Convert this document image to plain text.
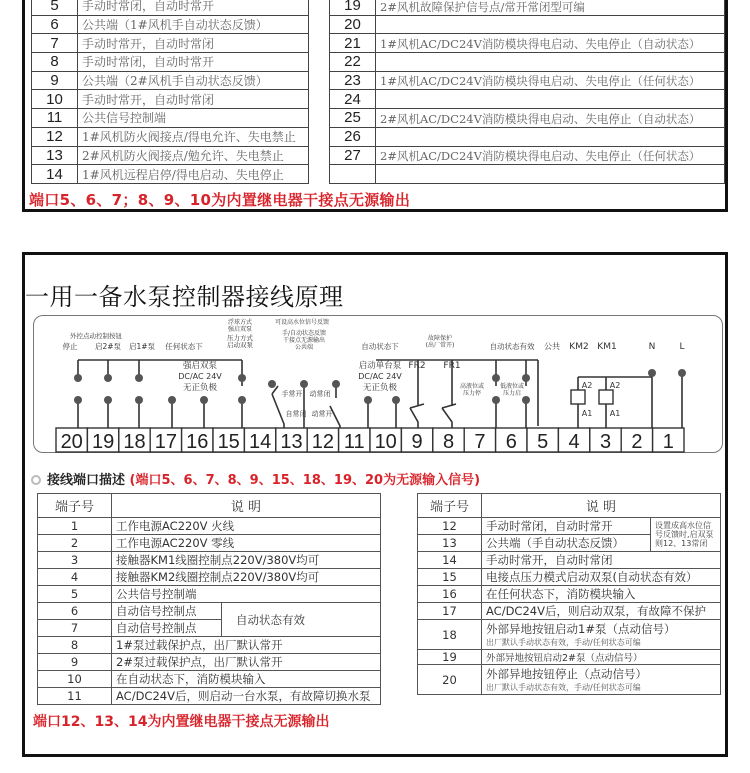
5	手动时常闭，自动时常开
6	公共端（1#风机手自动状态反馈）
7	手动时常开，自动时常闭
8	手动时常闭，自动时常开
9	公共端（2#风机手自动状态反馈）
10	手动时常开，自动时常闭
11	公共信号控制端
12	1#风机防火阀接点/得电允许、失电禁止
13	2#风机防火阀接点/勉允许、失电禁止
14	1#风机远程启停/得电启动、失电停止
19	2#风机故障保护信号点/常开常闭型可编
20	
21	1#风机AC/DC24V消防模块得电启动、失电停止（自动状态）
22	
23	1#风机AC/DC24V消防模块得电启动、失电停止（任何状态）
24	
25	2#风机AC/DC24V消防模块得电启动、失电停止（自动状态）
26	
27	2#风机AC/DC24V消防模块得电启动、失电停止（任何状态）

端口5、6、7；8、9、10为内置继电器干接点无源输出
一用一备水泵控制器接线原理
20 19 18 17 16 15 14 13 12 11 10 9 8 7 6 5 4 3 2 1
外控点动控制按钮
停止 启2#泵 启1#泵 任何状态下
强启双泵
DC/AC 24V
无正负极
浮球方式
强启双泵
压力方式
启动双泵
可设高水位信号反馈
手/自动状态反馈
干接点无源输出
公共端
手常开
自常闭
动常闭
动常开
自动状态下
启动单台泵
DC/AC 24V
无正负极
故障保护
(出厂常开)
FR2 FR1
自动状态有效
高液位或
压力停
低液位或
压力启
公共 KM2 KM1	N	L
A2 A2
A1 A1
接线端口描述 (端口5、6、7、8、9、15、18、19、20为无源输入信号)
端子号	说 明	
1	工作电源AC220V 火线	
2	工作电源AC220V 零线	
3	接触器KM1线圈控制点220V/380V均可	
4	接触器KM2线圈控制点220V/380V均可	
5	公共信号控制端	
6	自动信号控制点	自动状态有效
7	自动信号控制点	
8	1#泵过载保护点，出厂默认常开	
9	2#泵过载保护点，出厂默认常开	
10	在自动状态下，消防模块输入	
11	AC/DC24V后，则启动一台水泵，有故障切换水泵	
端子号	说 明	
12	手动时常闭，自动时常开	设置成高水位信号反馈时,启双泵则12、13常闭
13	公共端（手自动状态反馈）	
14	手动时常开，自动时常闭	
15	电接点压力模式启动双泵(自动状态有效）	
16	在任何状态下，消防模块输入	
17	AC/DC24V后，则启动双泵，有故障不保护	
18	外部异地按钮启动1#泵（点动信号）
出厂默认手动状态有效，手动/任何状态可编	

19	外部异地按钮启动2#泵（点动信号）	
20	外部异地按钮停止（点动信号）
出厂默认手动状态有效，手动/任何状态可编	
端口12、13、14为内置继电器干接点无源输出
